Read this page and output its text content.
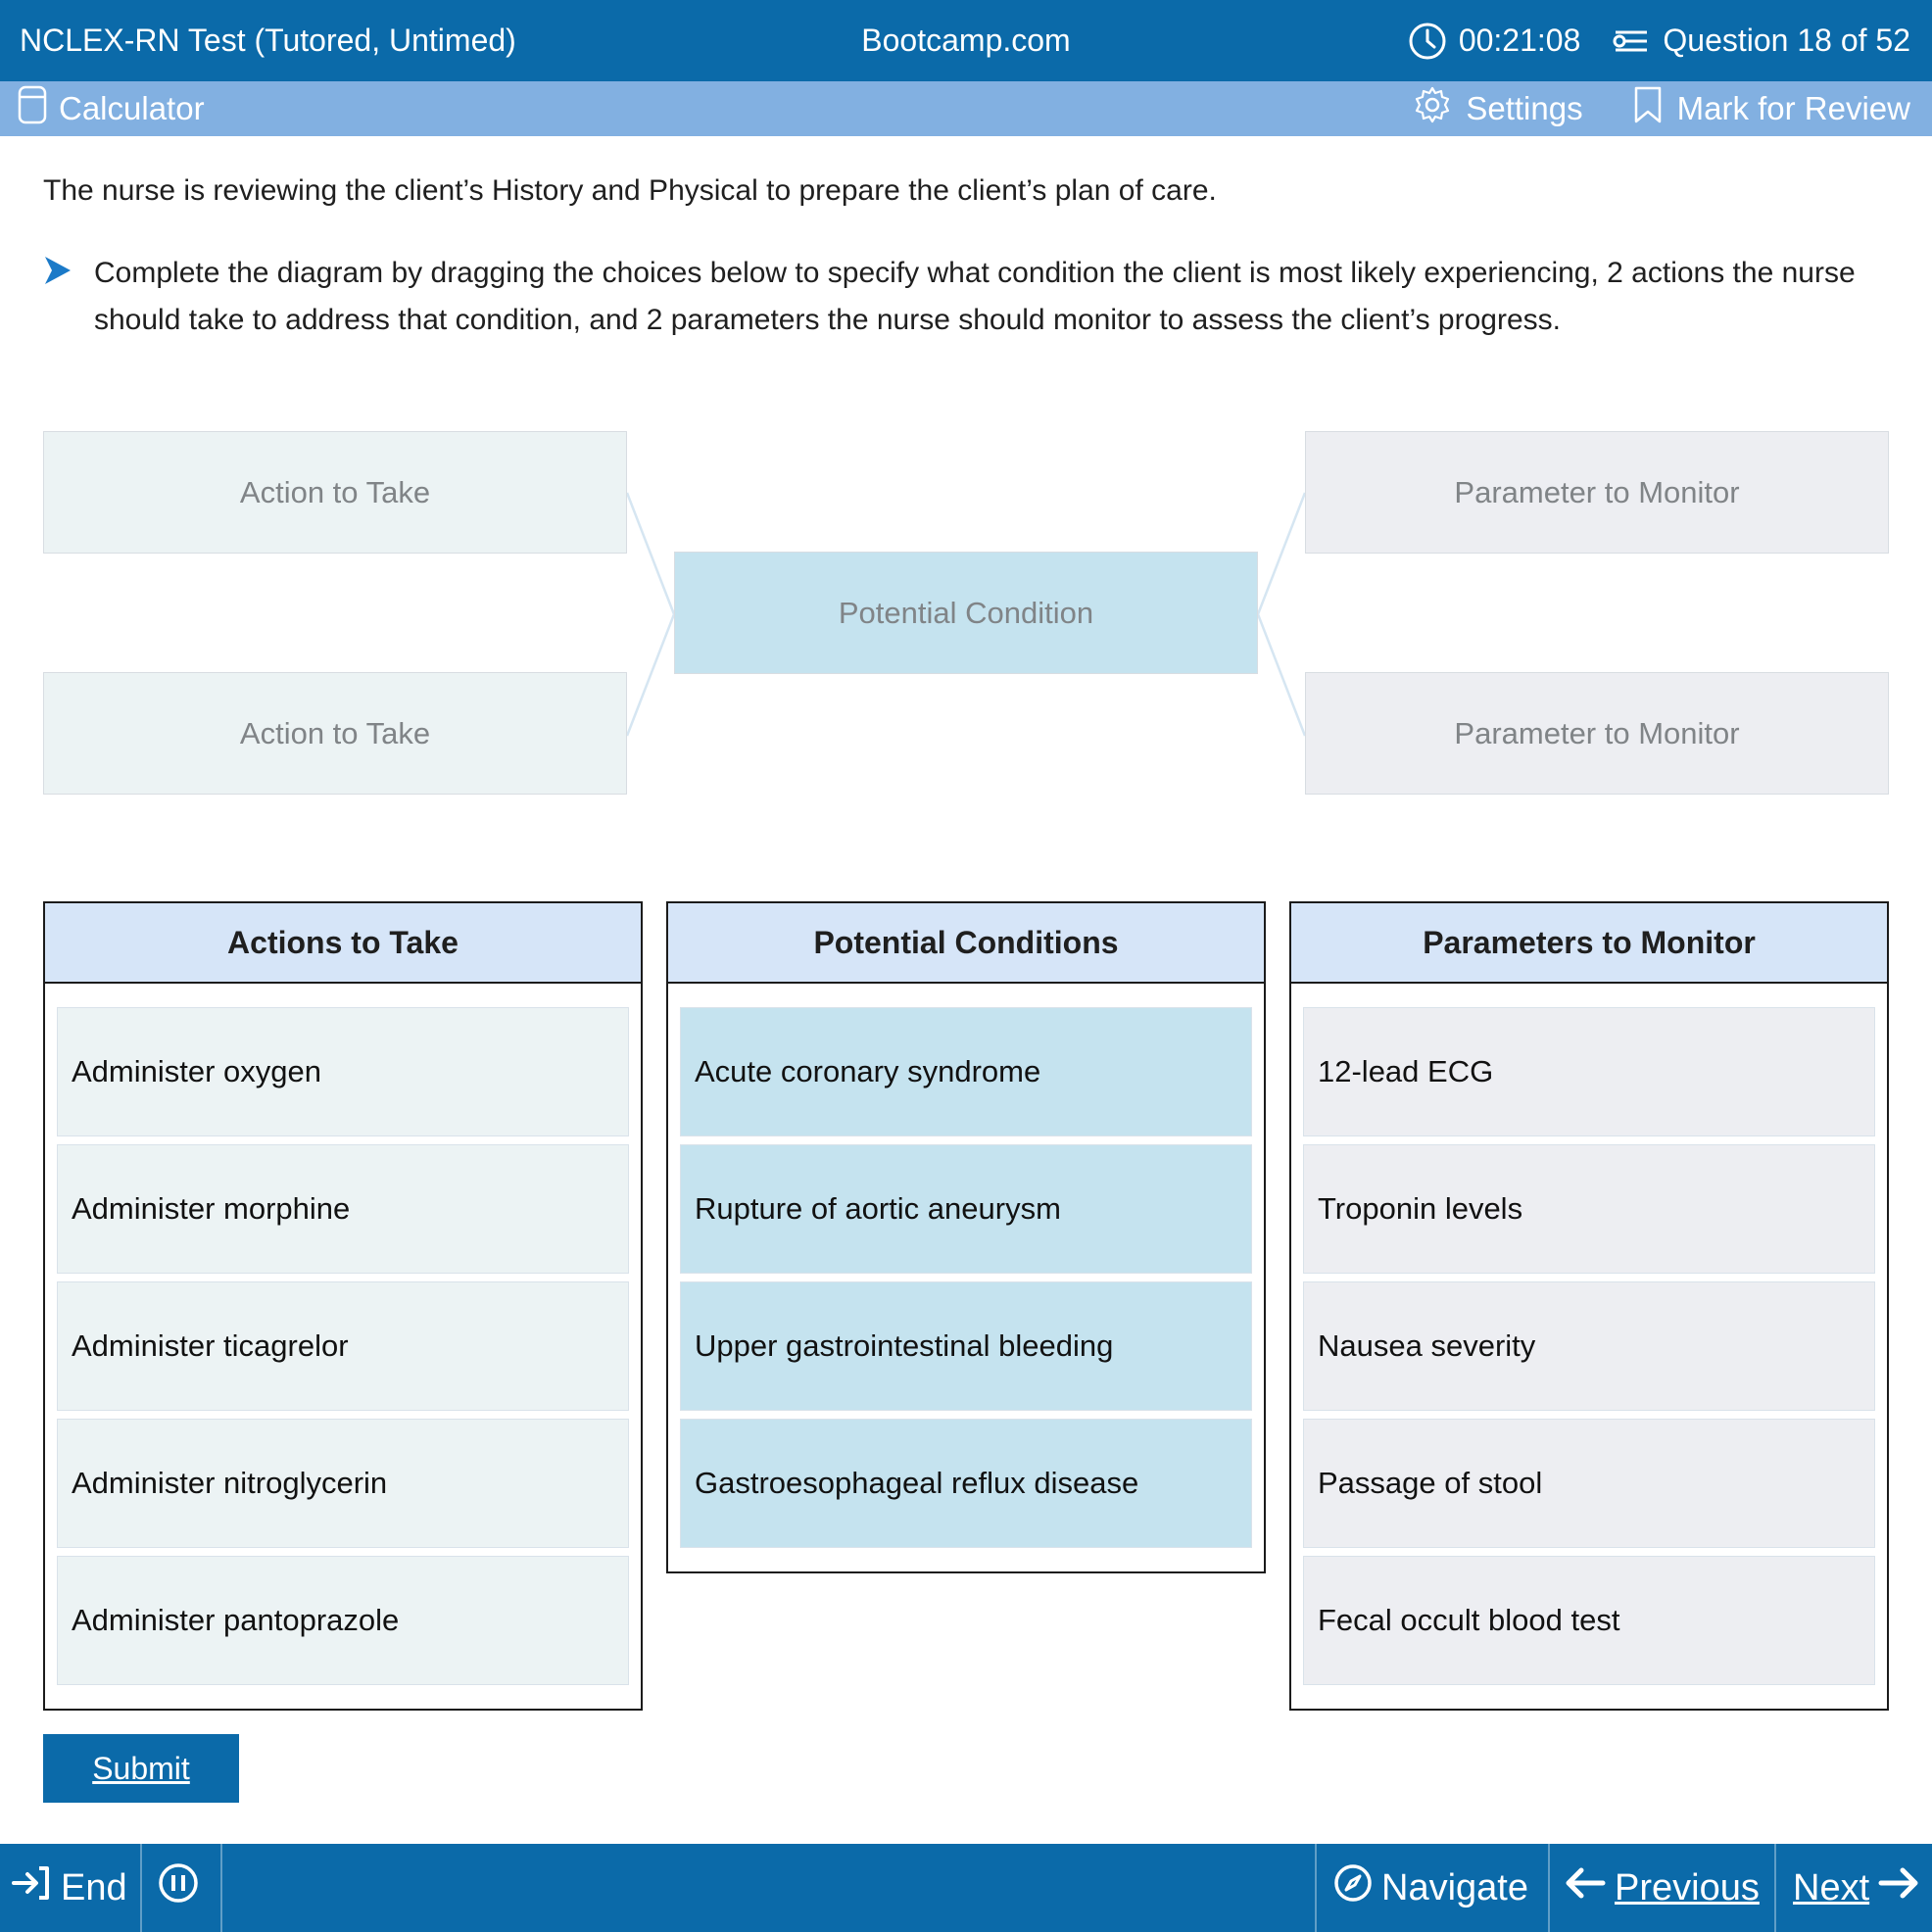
NCLEX-RN Test (Tutored, Untimed)	Bootcamp.com	00:21:08	Question 18 of 52
Calculator	Settings	Mark for Review
The nurse is reviewing the client’s History and Physical to prepare the client’s plan of care.
Complete the diagram by dragging the choices below to specify what condition the client is most likely experiencing, 2 actions the nurse should take to address that condition, and 2 parameters the nurse should monitor to assess the client’s progress.
Action to Take
Action to Take
Potential Condition
Parameter to Monitor
Parameter to Monitor
Actions to Take
Administer oxygen
Administer morphine
Administer ticagrelor
Administer nitroglycerin
Administer pantoprazole
Potential Conditions
Acute coronary syndrome
Rupture of aortic aneurysm
Upper gastrointestinal bleeding
Gastroesophageal reflux disease
Parameters to Monitor
12-lead ECG
Troponin levels
Nausea severity
Passage of stool
Fecal occult blood test
Submit
End	Navigate Previous Next
